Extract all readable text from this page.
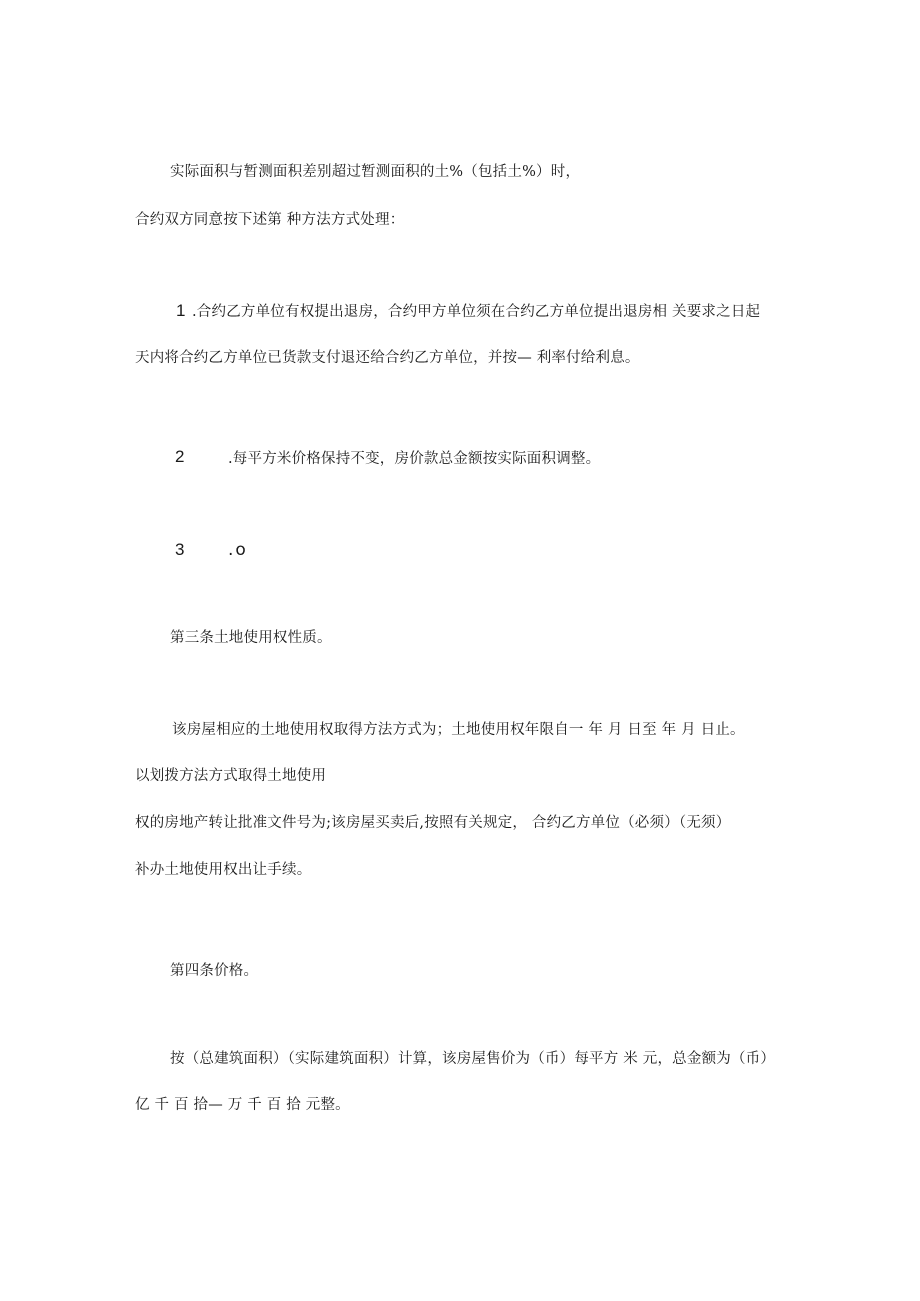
实际面积与暂测面积差别超过暂测面积的土%（包括土%）时，
合约双方同意按下述第 种方法方式处理：
1 .合约乙方单位有权提出退房，合约甲方单位须在合约乙方单位提出退房相 关要求之日起
天内将合约乙方单位已货款支付退还给合约乙方单位，并按— 利率付给利息。
2	.每平方米价格保持不变，房价款总金额按实际面积调整。
3	.o
第三条土地使用权性质。
该房屋相应的土地使用权取得方法方式为；土地使用权年限自一 年 月 日至 年 月 日止。
以划拨方法方式取得土地使用
权的房地产转让批准文件号为;该房屋买卖后,按照有关规定， 合约乙方单位（必须）（无须）
补办土地使用权出让手续。
第四条价格。
按（总建筑面积）（实际建筑面积）计算，该房屋售价为（币）每平方 米 元，总金额为（币）
亿 千 百 拾— 万 千 百 拾 元整。
